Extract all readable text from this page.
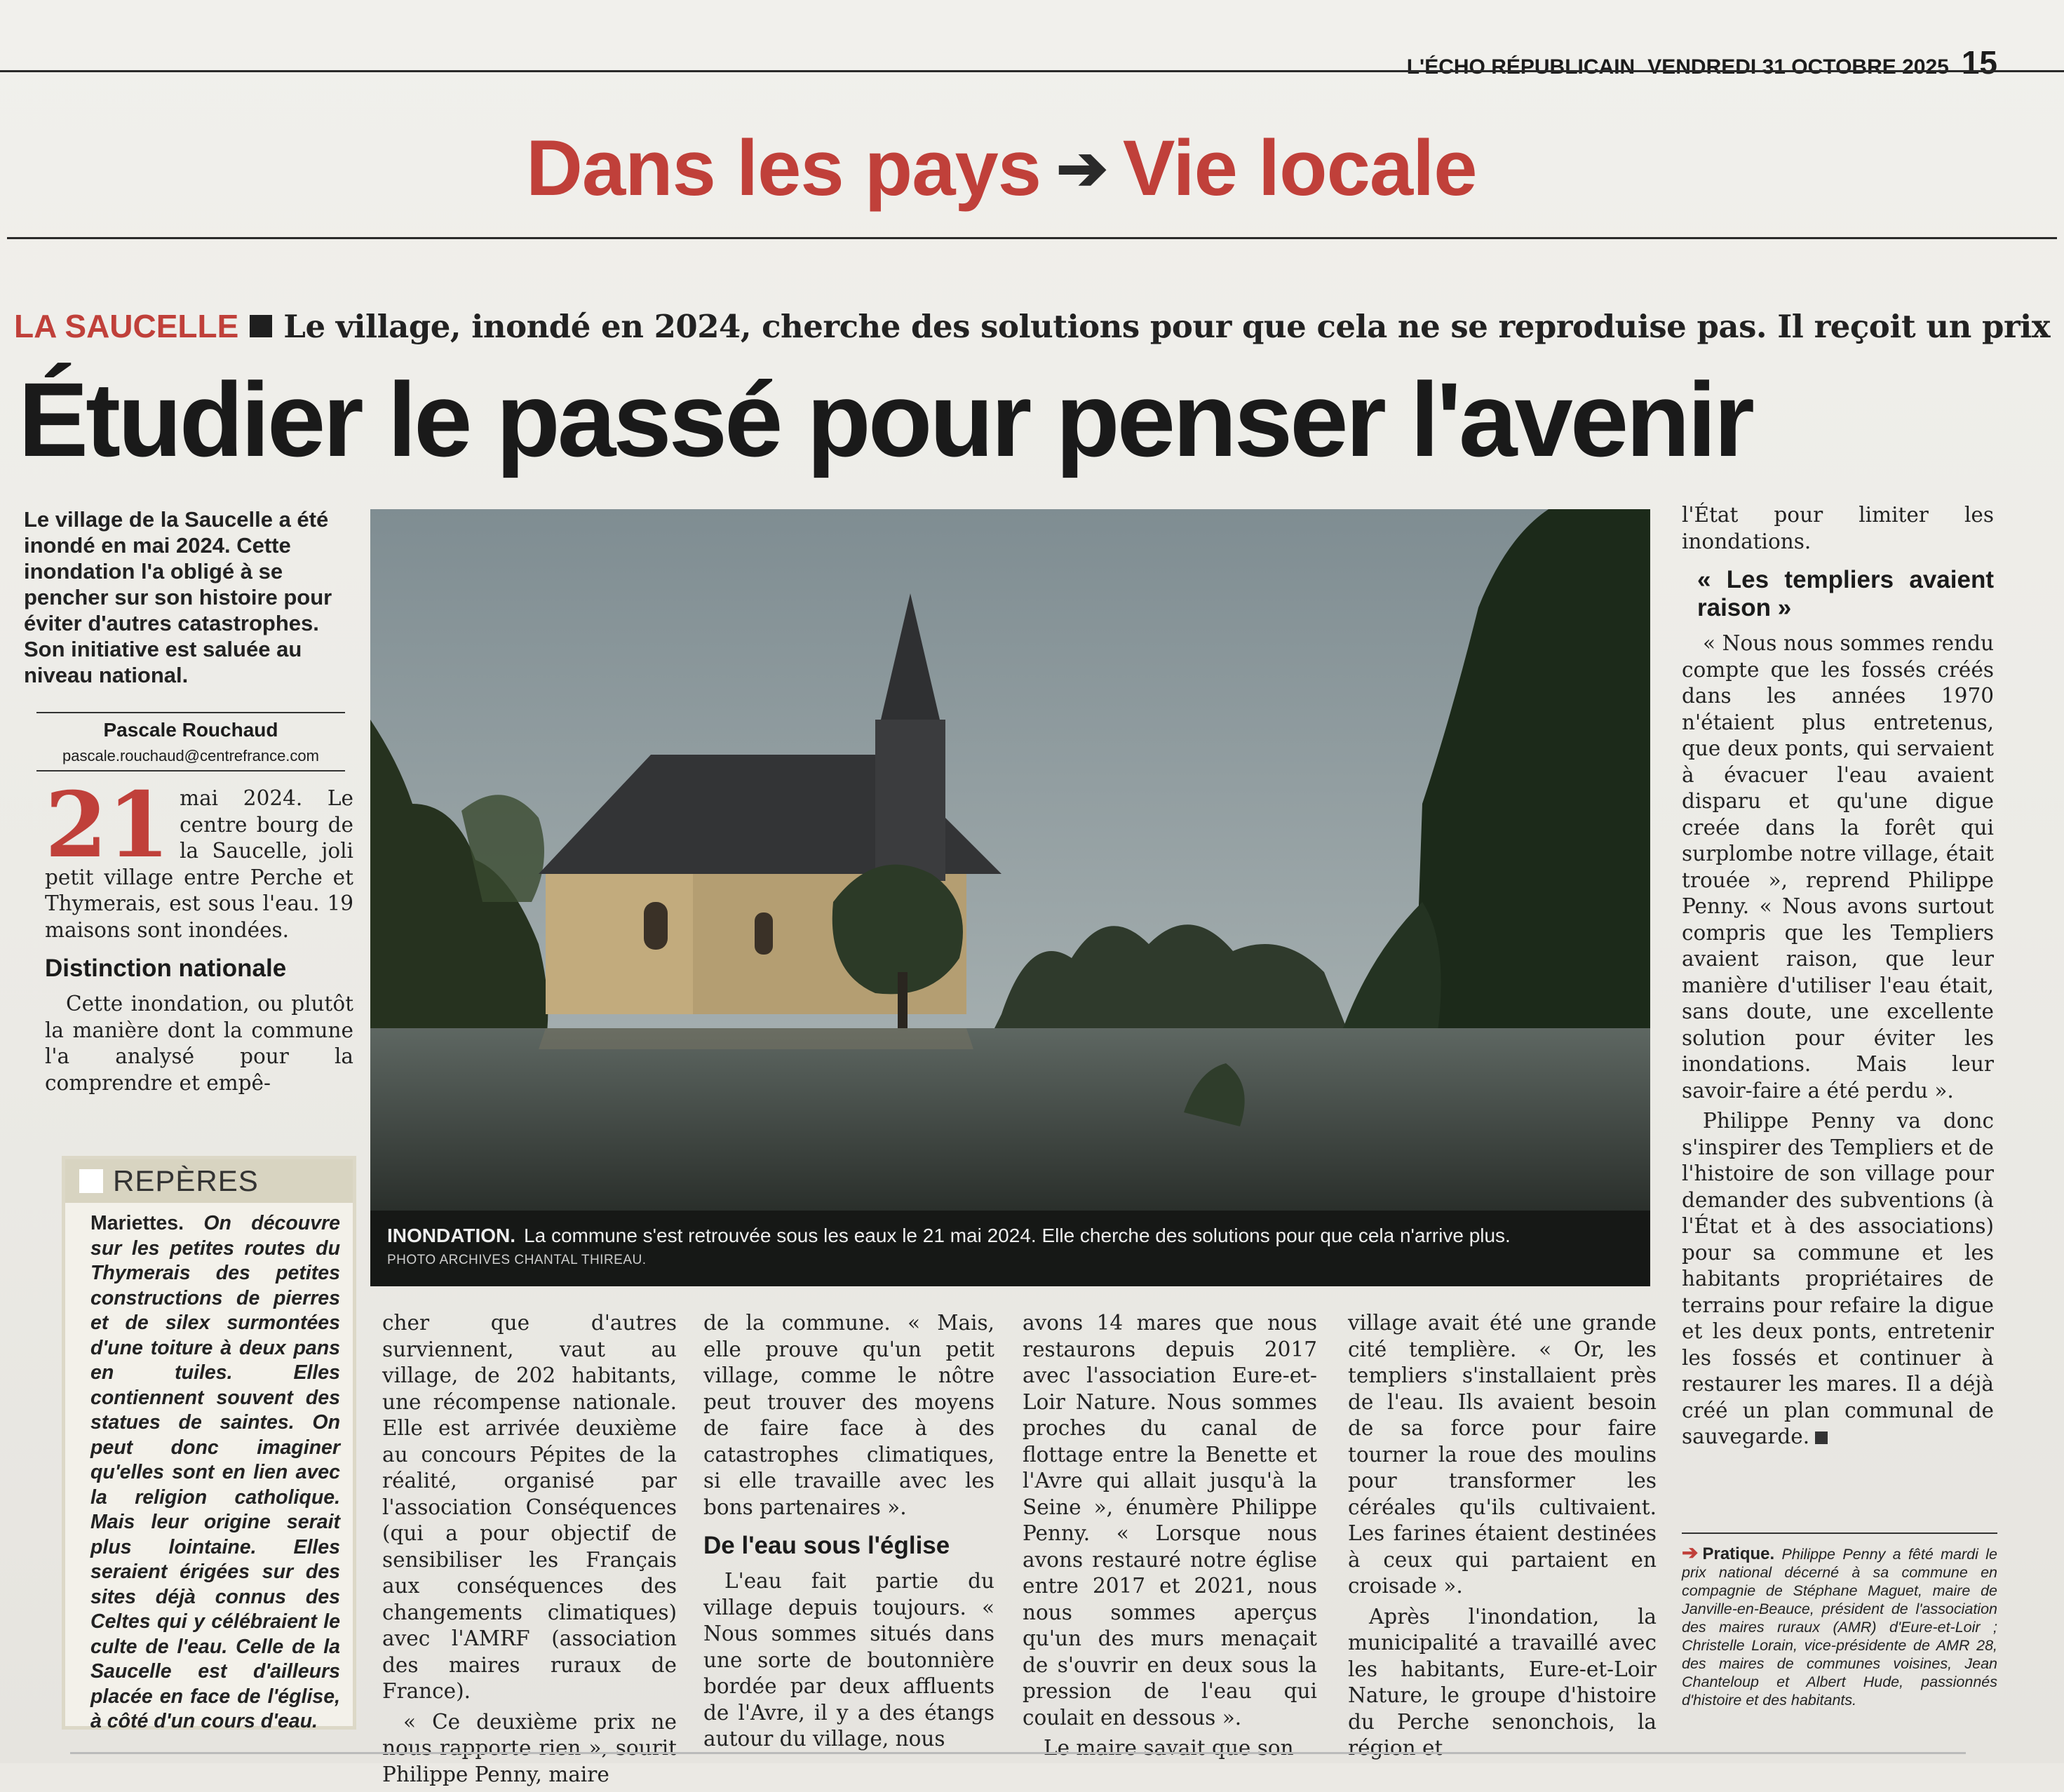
L'ÉCHO RÉPUBLICAIN VENDREDI 31 OCTOBRE 2025 15
Dans les pays ➔ Vie locale
LA SAUCELLE Le village, inondé en 2024, cherche des solutions pour que cela ne se reproduise pas. Il reçoit un prix
Étudier le passé pour penser l'avenir
Le village de la Saucelle a été inondé en mai 2024. Cette inondation l'a obligé à se pencher sur son histoire pour éviter d'autres catastrophes. Son initiative est saluée au niveau national.
Pascale Rouchaud
pascale.rouchaud@centrefrance.com

21 mai 2024. Le centre bourg de la Saucelle, joli petit village entre Perche et Thymerais, est sous l'eau. 19 maisons sont inondées.

Distinction nationale

Cette inondation, ou plutôt la manière dont la commune l'a analysé pour la comprendre et empê-

INONDATION. La commune s'est retrouvée sous les eaux le 21 mai 2024. Elle cherche des solutions pour que cela n'arrive plus.
PHOTO ARCHIVES CHANTAL THIREAU.
REPÈRES
Mariettes. On découvre sur les petites routes du Thymerais des petites constructions de pierres et de silex surmontées d'une toiture à deux pans en tuiles. Elles contiennent souvent des statues de saintes. On peut donc imaginer qu'elles sont en lien avec la religion catholique. Mais leur origine serait plus lointaine. Elles seraient érigées sur des sites déjà connus des Celtes qui y célébraient le culte de l'eau. Celle de la Saucelle est d'ailleurs placée en face de l'église, à côté d'un cours d'eau.

cher que d'autres surviennent, vaut au village, de 202 habitants, une récompense nationale. Elle est arrivée deuxième au concours Pépites de la réalité, organisé par l'association Conséquences (qui a pour objectif de sensibiliser les Français aux conséquences des changements climatiques) avec l'AMRF (association des maires ruraux de France).

« Ce deuxième prix ne nous rapporte rien », sourit Philippe Penny, maire

de la commune. « Mais, elle prouve qu'un petit village, comme le nôtre peut trouver des moyens de faire face à des catastrophes climatiques, si elle travaille avec les bons partenaires ».

De l'eau sous l'église

L'eau fait partie du village depuis toujours. « Nous sommes situés dans une sorte de boutonnière bordée par deux affluents de l'Avre, il y a des étangs autour du village, nous

avons 14 mares que nous restaurons depuis 2017 avec l'association Eure-et-Loir Nature. Nous sommes proches du canal de flottage entre la Benette et l'Avre qui allait jusqu'à la Seine », énumère Philippe Penny. « Lorsque nous avons restauré notre église entre 2017 et 2021, nous nous sommes aperçus qu'un des murs menaçait de s'ouvrir en deux sous la pression de l'eau qui coulait en dessous ».

Le maire savait que son

village avait été une grande cité templière. « Or, les templiers s'installaient près de l'eau. Ils avaient besoin de sa force pour faire tourner la roue des moulins pour transformer les céréales qu'ils cultivaient. Les farines étaient destinées à ceux qui partaient en croisade ».

Après l'inondation, la municipalité a travaillé avec les habitants, Eure-et-Loir Nature, le groupe d'histoire du Perche senonchois, la région et

l'État pour limiter les inondations.

« Les templiers avaient raison »

« Nous nous sommes rendu compte que les fossés créés dans les années 1970 n'étaient plus entretenus, que deux ponts, qui servaient à évacuer l'eau avaient disparu et qu'une digue creée dans la forêt qui surplombe notre village, était trouée », reprend Philippe Penny. « Nous avons surtout compris que les Templiers avaient raison, que leur manière d'utiliser l'eau était, sans doute, une excellente solution pour éviter les inondations. Mais leur savoir-faire a été perdu ».

Philippe Penny va donc s'inspirer des Templiers et de l'histoire de son village pour demander des subventions (à l'État et à des associations) pour sa commune et les habitants propriétaires de terrains pour refaire la digue et les deux ponts, entretenir les fossés et continuer à restaurer les mares. Il a déjà créé un plan communal de sauvegarde.

➔ Pratique. Philippe Penny a fêté mardi le prix national décerné à sa commune en compagnie de Stéphane Maguet, maire de Janville-en-Beauce, président de l'association des maires ruraux (AMR) d'Eure-et-Loir ; Christelle Lorain, vice-présidente de AMR 28, des maires de communes voisines, Jean Chanteloup et Albert Hude, passionnés d'histoire et des habitants.
